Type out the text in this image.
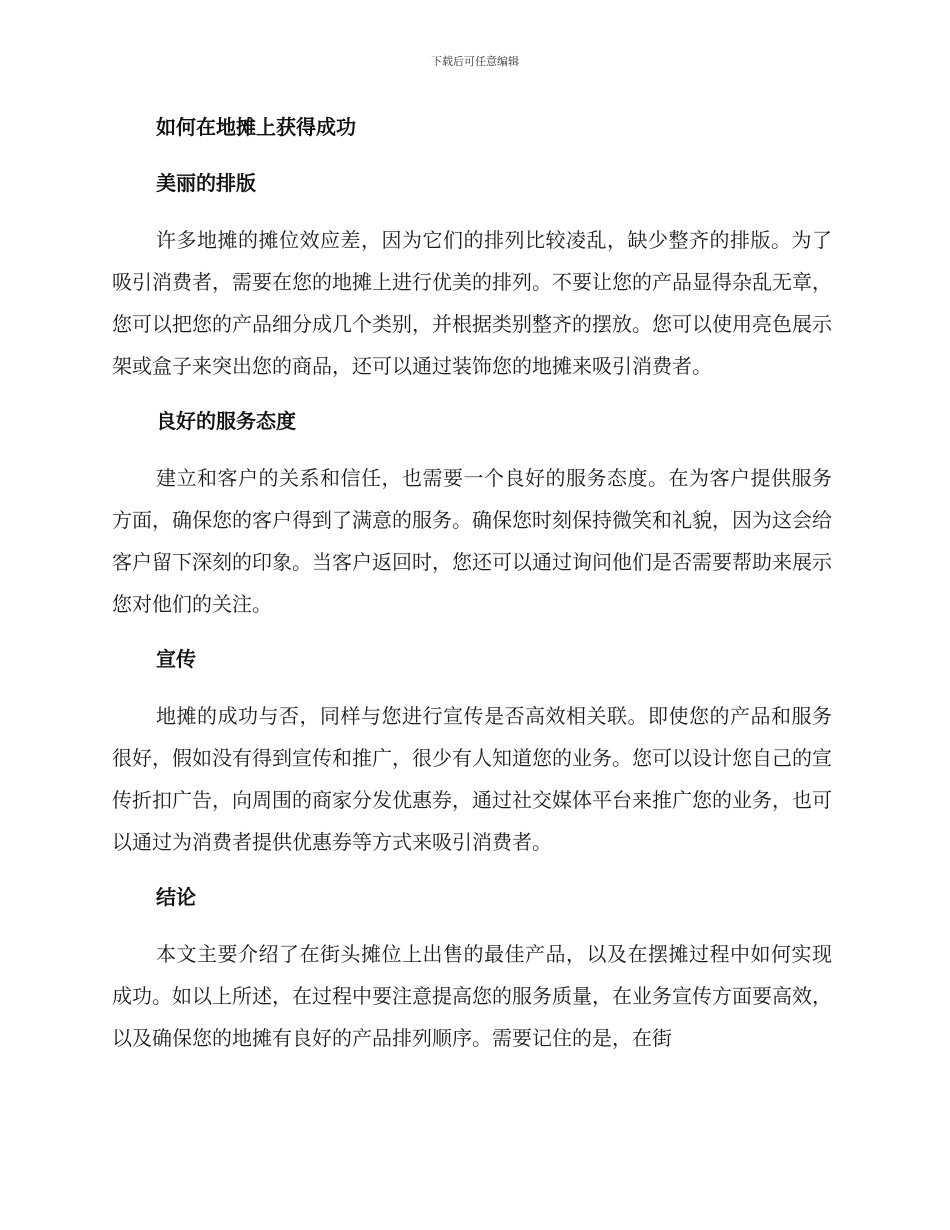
下载后可任意编辑
如何在地摊上获得成功
美丽的排版

许多地摊的摊位效应差，因为它们的排列比较凌乱，缺少整齐的排版。为了吸引消费者，需要在您的地摊上进行优美的排列。不要让您的产品显得杂乱无章，您可以把您的产品细分成几个类别，并根据类别整齐的摆放。您可以使用亮色展示架或盒子来突出您的商品，还可以通过装饰您的地摊来吸引消费者。

良好的服务态度

建立和客户的关系和信任，也需要一个良好的服务态度。在为客户提供服务方面，确保您的客户得到了满意的服务。确保您时刻保持微笑和礼貌，因为这会给客户留下深刻的印象。当客户返回时，您还可以通过询问他们是否需要帮助来展示您对他们的关注。

宣传

地摊的成功与否，同样与您进行宣传是否高效相关联。即使您的产品和服务很好，假如没有得到宣传和推广，很少有人知道您的业务。您可以设计您自己的宣传折扣广告，向周围的商家分发优惠券，通过社交媒体平台来推广您的业务，也可以通过为消费者提供优惠券等方式来吸引消费者。

结论

本文主要介绍了在街头摊位上出售的最佳产品，以及在摆摊过程中如何实现成功。如以上所述，在过程中要注意提高您的服务质量，在业务宣传方面要高效，以及确保您的地摊有良好的产品排列顺序。需要记住的是，在街
